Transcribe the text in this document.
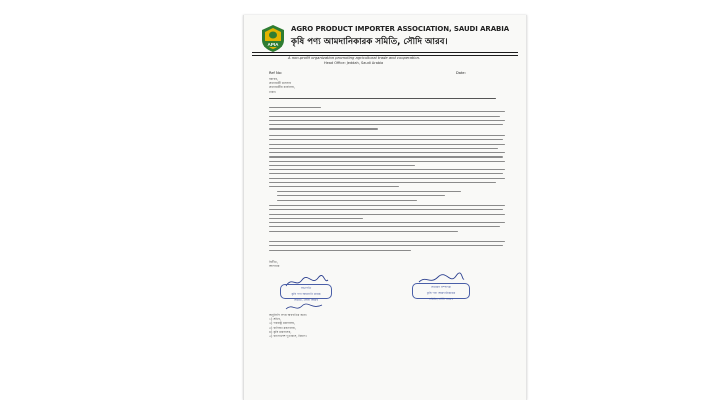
APIA
AGRO PRODUCT IMPORTER ASSOCIATION, SAUDI ARABIA
কৃষি পণ্য আমদানিকারক সমিতি, সৌদি আরব।
A non-profit organization promoting agricultural trade and cooperation.
Head Office: Jeddah, Saudi Arabia
Ref No:	Date:
বরাবর,
প্রধানমন্ত্রী মহোদয়
প্রধানমন্ত্রীর কার্যালয়,
ঢাকা।
বিনীত,
আপনার
সভাপতি
কৃষি পণ্য আমদানি কারক
সমিতি, সৌদি আরব
সাধারণ সম্পাদক
কৃষি পণ্য আমদানিকারক
সমিতি, সৌদি আরব
অনুলিপি সদয় অবগতির জন্য:
১) সচিব,
২) পররাষ্ট্র মন্ত্রণালয়,
৩) বাণিজ্য মন্ত্রণালয়,
৪) কৃষি মন্ত্রণালয়,
৫) বাংলাদেশ দূতাবাস, রিয়াদ।
